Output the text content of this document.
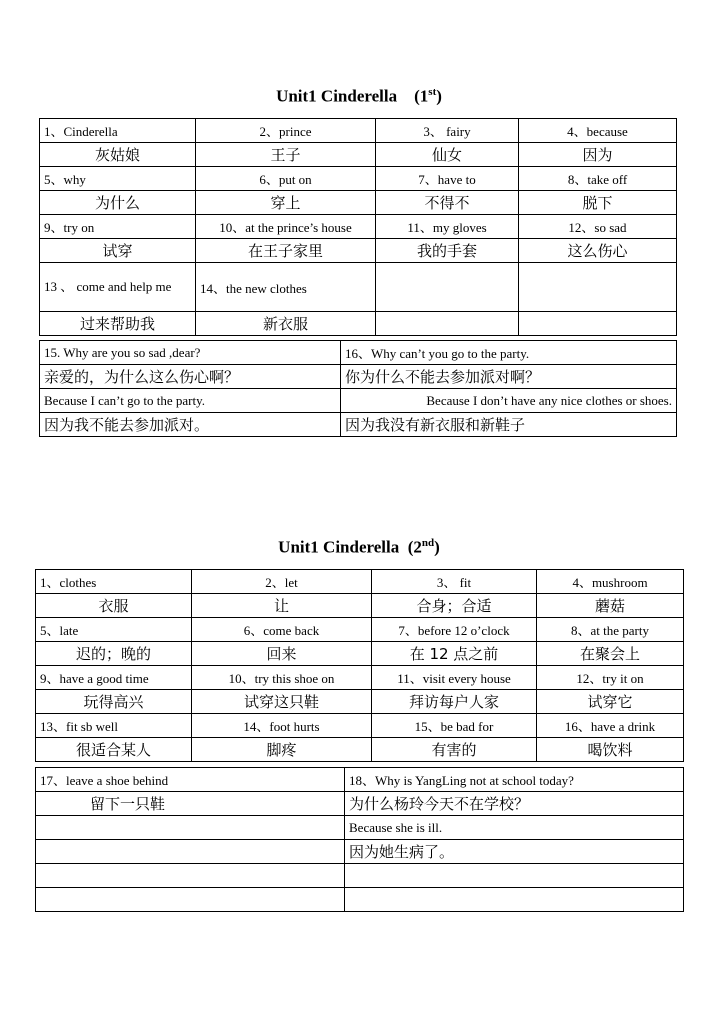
Unit1 Cinderella (1st)
1、Cinderella	2、prince	3、 fairy	4、because
灰姑娘	王子	仙女	因为
5、why	6、put on	7、have to	8、take off
为什么	穿上	不得不	脱下
9、try on	10、at the prince’s house	11、my gloves	12、so sad
试穿	在王子家里	我的手套	这么伤心
13 、 come and help me	14、the new clothes		
过来帮助我	新衣服		
15. Why are you so sad ,dear?	16、Why can’t you go to the party.
亲爱的，为什么这么伤心啊？	你为什么不能去参加派对啊？
Because I can’t go to the party.	Because I don’t have any nice clothes or shoes.
因为我不能去参加派对。	因为我没有新衣服和新鞋子
Unit1 Cinderella (2nd)
1、clothes	2、let	3、 fit	4、mushroom
衣服	让	合身；合适	蘑菇
5、late	6、come back	7、before 12 o’clock	8、at the party
迟的；晚的	回来	在 12 点之前	在聚会上
9、have a good time	10、try this shoe on	11、visit every house	12、try it on
玩得高兴	试穿这只鞋	拜访每户人家	试穿它
13、fit sb well	14、foot hurts	15、be bad for	16、have a drink
很适合某人	脚疼	有害的	喝饮料
17、leave a shoe behind	18、Why is YangLing not at school today?
留下一只鞋	为什么杨玲今天不在学校？
	Because she is ill.
	因为她生病了。
